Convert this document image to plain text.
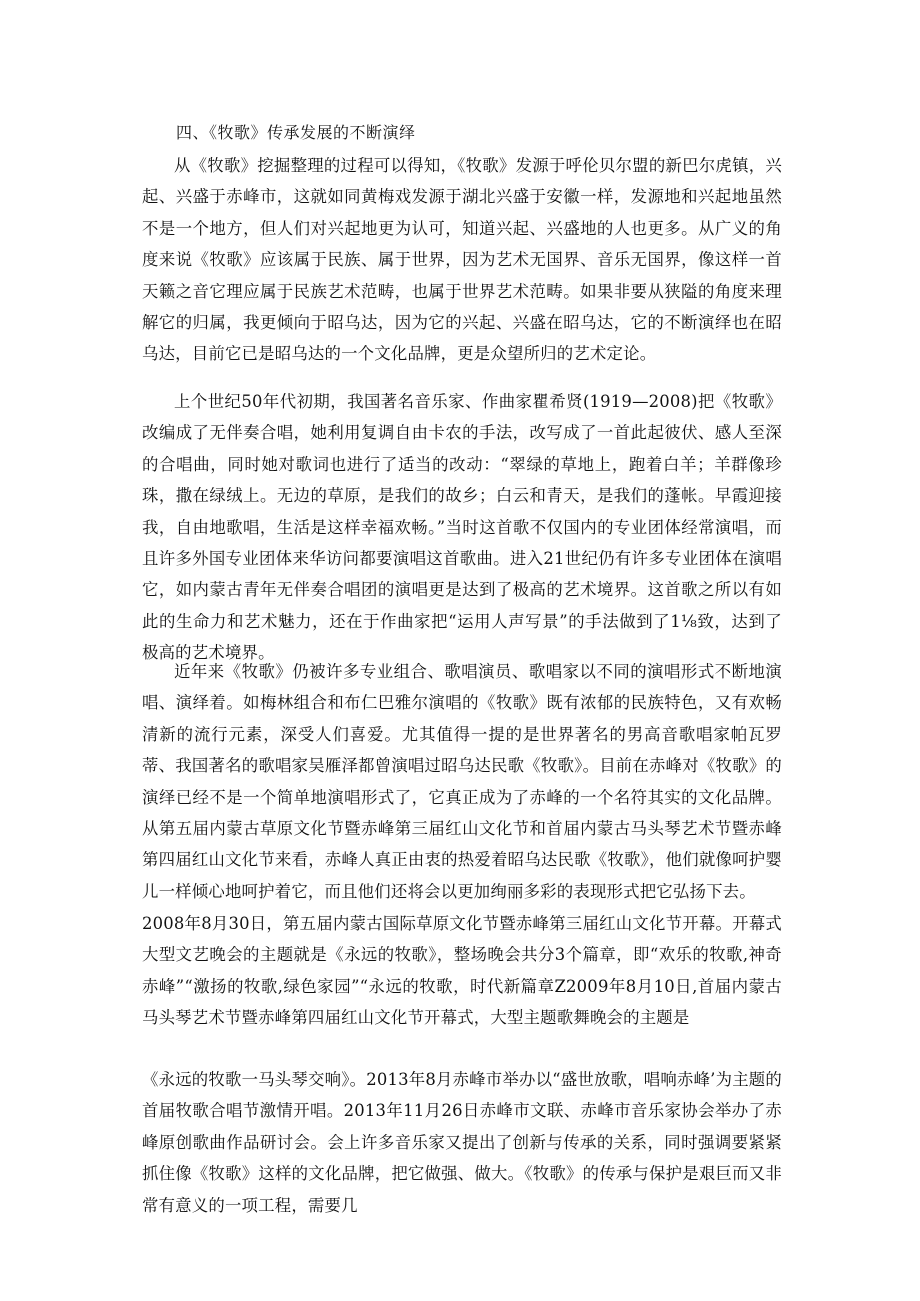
四、《牧歌》传承发展的不断演绎

从《牧歌》挖掘整理的过程可以得知，《牧歌》发源于呼伦贝尔盟的新巴尔虎镇，兴起、兴盛于赤峰市，这就如同黄梅戏发源于湖北兴盛于安徽一样，发源地和兴起地虽然不是一个地方，但人们对兴起地更为认可，知道兴起、兴盛地的人也更多。从广义的角度来说《牧歌》应该属于民族、属于世界，因为艺术无国界、音乐无国界，像这样一首天籁之音它理应属于民族艺术范畴，也属于世界艺术范畴。如果非要从狭隘的角度来理解它的归属，我更倾向于昭乌达，因为它的兴起、兴盛在昭乌达，它的不断演绎也在昭乌达，目前它已是昭乌达的一个文化品牌，更是众望所归的艺术定论。

上个世纪50年代初期，我国著名音乐家、作曲家瞿希贤(1919—2008)把《牧歌》改编成了无伴奏合唱，她利用复调自由卡农的手法，改写成了一首此起彼伏、感人至深的合唱曲，同时她对歌词也进行了适当的改动：“翠绿的草地上，跑着白羊；羊群像珍珠，撒在绿绒上。无边的草原，是我们的故乡；白云和青天，是我们的蓬帐。早霞迎接我，自由地歌唱，生活是这样幸福欢畅。”当时这首歌不仅国内的专业团体经常演唱，而且许多外国专业团体来华访问都要演唱这首歌曲。进入21世纪仍有许多专业团体在演唱它，如内蒙古青年无伴奏合唱团的演唱更是达到了极高的艺术境界。这首歌之所以有如此的生命力和艺术魅力，还在于作曲家把“运用人声写景”的手法做到了1⅛致，达到了极高的艺术境界。

近年来《牧歌》仍被许多专业组合、歌唱演员、歌唱家以不同的演唱形式不断地演唱、演绎着。如梅林组合和布仁巴雅尔演唱的《牧歌》既有浓郁的民族特色，又有欢畅清新的流行元素，深受人们喜爱。尤其值得一提的是世界著名的男高音歌唱家帕瓦罗蒂、我国著名的歌唱家吴雁泽都曾演唱过昭乌达民歌《牧歌》。目前在赤峰对《牧歌》的演绎已经不是一个简单地演唱形式了，它真正成为了赤峰的一个名符其实的文化品牌。从第五届内蒙古草原文化节暨赤峰第三届红山文化节和首届内蒙古马头琴艺术节暨赤峰第四届红山文化节来看，赤峰人真正由衷的热爱着昭乌达民歌《牧歌》，他们就像呵护婴儿一样倾心地呵护着它，而且他们还将会以更加绚丽多彩的表现形式把它弘扬下去。

2008年8月30日，第五届内蒙古国际草原文化节暨赤峰第三届红山文化节开幕。开幕式大型文艺晚会的主题就是《永远的牧歌》，整场晚会共分3个篇章，即“欢乐的牧歌,神奇赤峰”“激扬的牧歌,绿色家园”“永远的牧歌，时代新篇章Z2009年8月10日,首届内蒙古马头琴艺术节暨赤峰第四届红山文化节开幕式，大型主题歌舞晚会的主题是

《永远的牧歌一马头琴交响》。2013年8月赤峰市举办以“盛世放歌，唱响赤峰’为主题的首届牧歌合唱节激情开唱。2013年11月26日赤峰市文联、赤峰市音乐家协会举办了赤峰原创歌曲作品研讨会。会上许多音乐家又提出了创新与传承的关系，同时强调要紧紧抓住像《牧歌》这样的文化品牌，把它做强、做大。《牧歌》的传承与保护是艰巨而又非常有意义的一项工程，需要几
